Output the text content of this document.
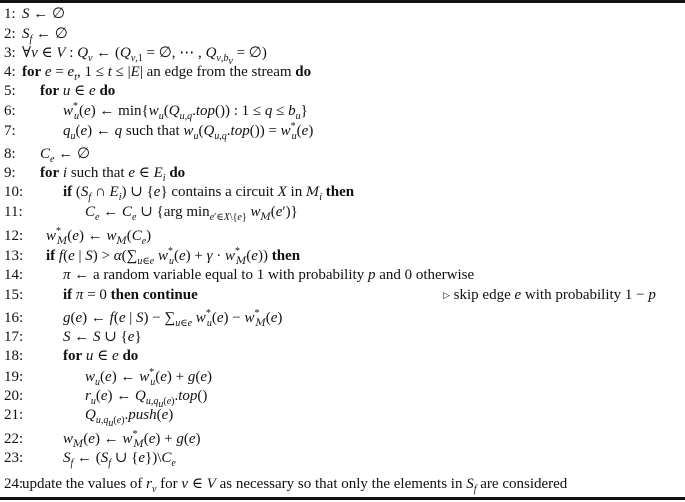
1: S ← ∅
2: $S_f$ ← ∅
3: ∀v ∈ V : $Q_v$ ← ($Q_{v,1}$ = ∅, ⋯ , $Q_{v,b_v}$ = ∅)
4: for $e = e_t$, 1 ≤ t ≤ |E| an edge from the stream do
5:	for u ∈ e do
6:	$w^*_u(e)$ ← $\min\{w_u(Q_{u,q}.top())$ : $1 \le q \le b_u$}
7:	$q_u(e)$ ← q such that $w_u(Q_{u,q}.top()) = w^*_u(e)$
8:	$C_e$ ← ∅
9:	for i such that e ∈ $E_i$ do
10:	if ($S_f$ ∩ $E_i$) ∪ {e} contains a circuit X in $M_i$ then
11:	$C_e$ ← $C_e$ ∪ {arg $\min_{e'\in X\backslash\{e\}} w_M(e')$}
12:	$w^*_M(e)$ ← $w_M(C_e)$
13:	if f(e | $S) > \alpha(\sum_{u\in e}$ $w^*_u(e) + \gamma \cdot w^*_M(e)$) then
14:	π ← a random variable equal to 1 with probability p and 0 otherwise
15:	if π = 0 then continue	▷ skip edge e with probability 1 − p
16:	g(e) ← f(e | $S) - \sum_{u\in e}$ $w^*_u(e) - w^*_M(e)$
17:	S ← S ∪ {e}
18:	for u ∈ e do
19:	$w_u(e)$ ← $w^*_u(e) + g(e)$
20:	$r_u(e)$ ← $Q_{u,q_u(e)}.top()$
21:	$Q_{u,q_u(e)}.push(e)$
22:	$w_M(e)$ ← $w^*_M(e) + g(e)$
23:	$S_f$ ← ($S_f$ ∪ $\{e\})\backslash C_e$
24:
update the values of $r_v$ for v ∈ V as necessary so that only the elements in $S_f$ are considered
